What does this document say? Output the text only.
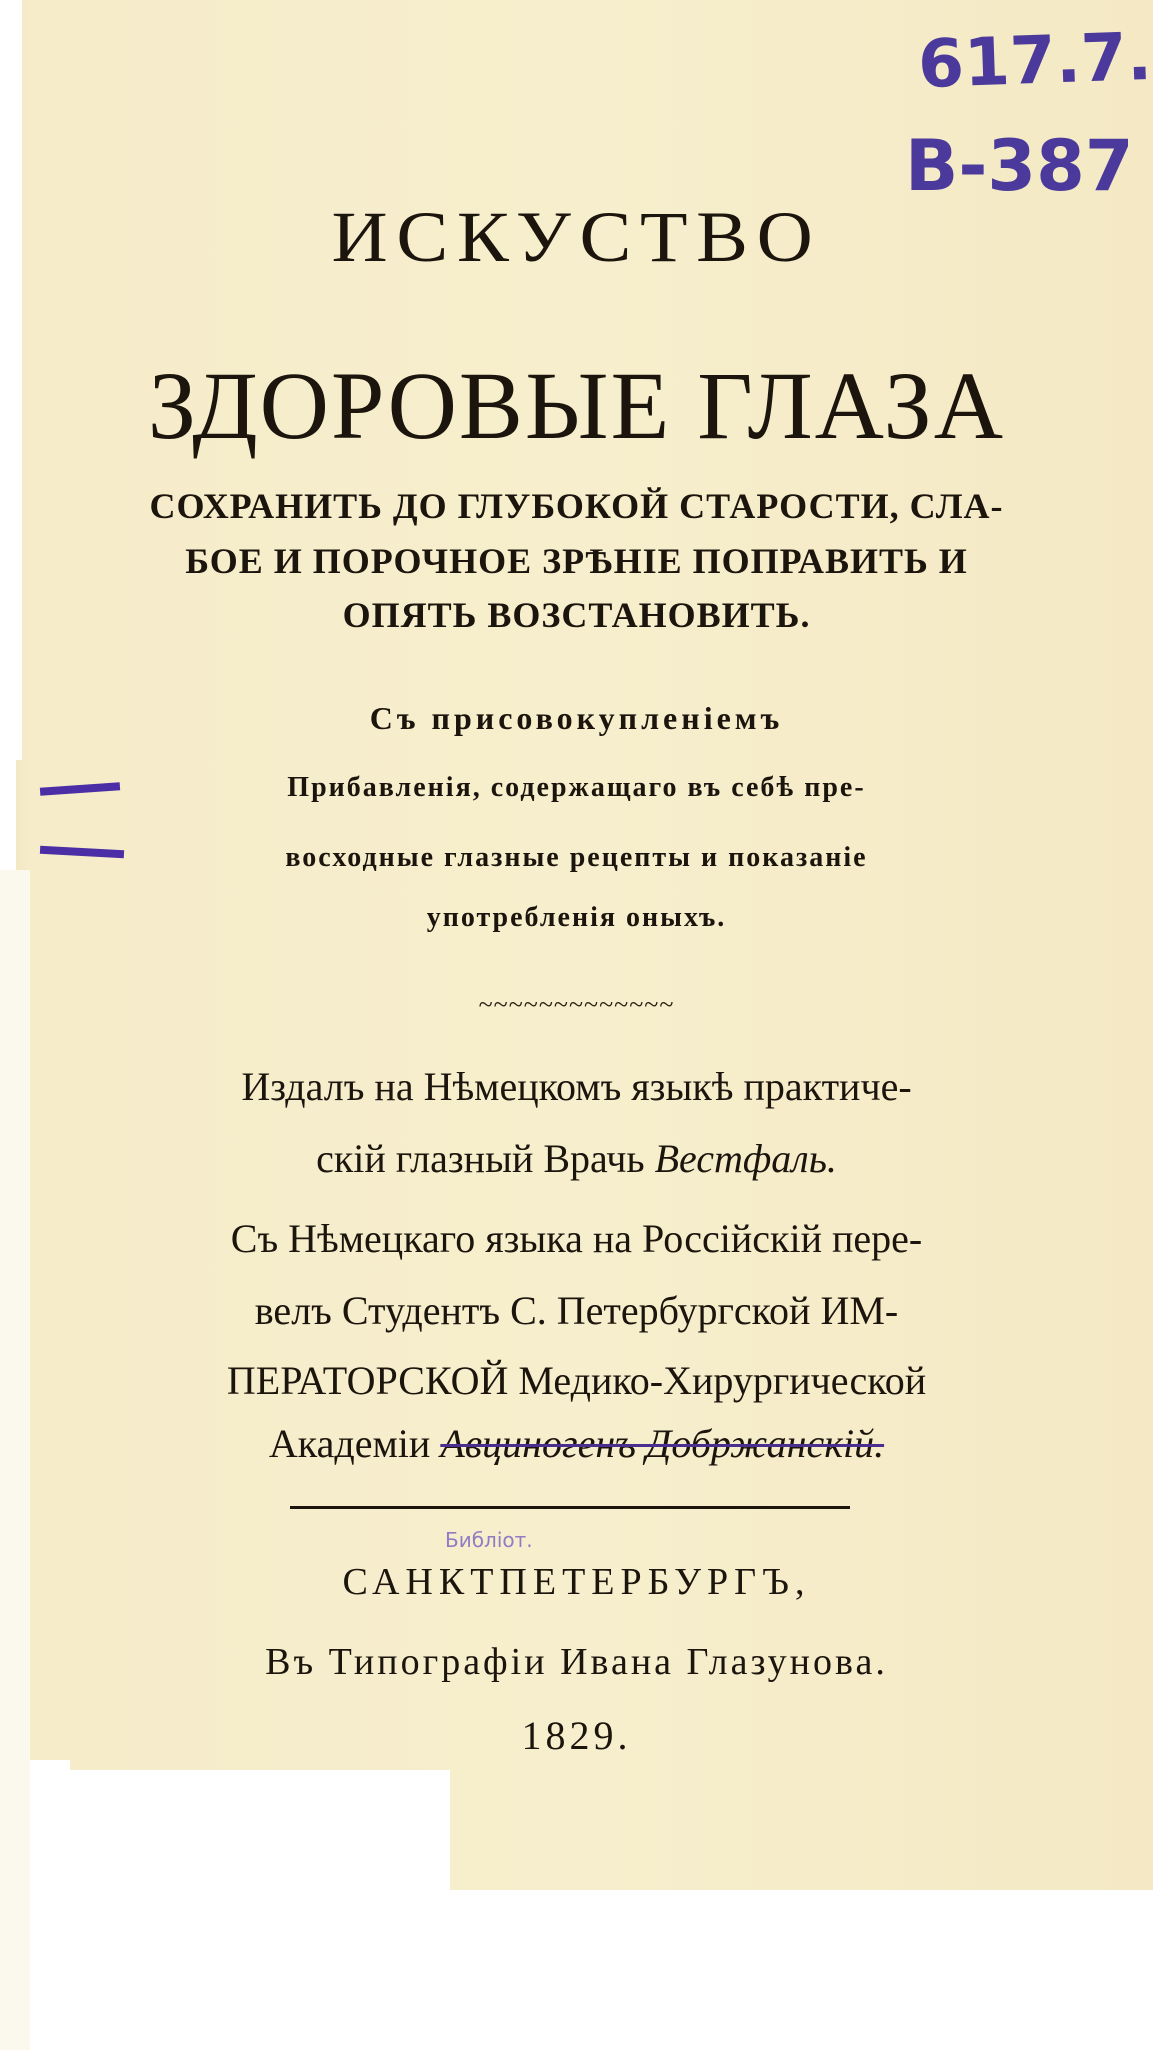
617.7.
В-387
ИСКУСТВО
ЗДОРОВЫЕ ГЛАЗА
СОХРАНИТЬ ДО ГЛУБОКОЙ СТАРОСТИ, СЛА-
БОЕ И ПОРОЧНОЕ ЗРѢНІЕ ПОПРАВИТЬ И
ОПЯТЬ ВОЗСТАНОВИТЬ.
Съ присовокупленіемъ
Прибавленія, содержащаго въ себѣ пре-
восходные глазные рецепты и показаніе
употребленія оныхъ.
~~~~~~~~~~~~~
Издалъ на Нѣмецкомъ языкѣ практиче-
скій глазный Врачь Вестфаль.
Съ Нѣмецкаго языка на Россійскій пере-
велъ Студентъ С. Петербургской ИМ-
ПЕРАТОРСКОЙ Медико-Хирургической
Академіи Авциногенъ Добржанскій.
Библіот.
САНКТПЕТЕРБУРГЪ,
Въ Типографіи Ивана Глазунова.
1829.
